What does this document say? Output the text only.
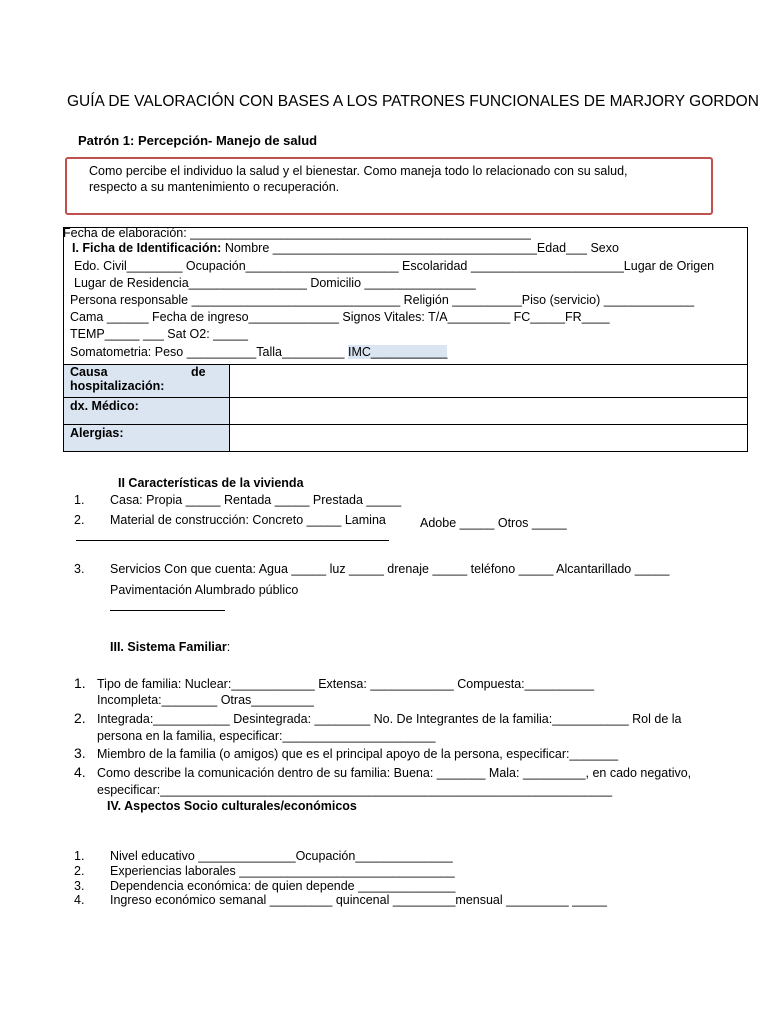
GUÍA DE VALORACIÓN CON BASES A LOS PATRONES FUNCIONALES DE MARJORY GORDON
Patrón 1: Percepción- Manejo de salud
Como percibe el individuo la salud y el bienestar. Como maneja todo lo relacionado con su salud,
respecto a su mantenimiento o recuperación.
Fecha de elaboración: _________________________________________________
I. Ficha de Identificación: Nombre ______________________________________Edad___ Sexo
Edo. Civil________ Ocupación______________________ Escolaridad ______________________Lugar de Origen
Lugar de Residencia_________________ Domicilio ________________
Persona responsable ______________________________ Religión __________Piso (servicio) _____________
Cama ______ Fecha de ingreso_____________ Signos Vitales: T/A_________ FC_____FR____
TEMP_____ ___ Sat O2: _____
Somatometria: Peso __________Talla_________ IMC___________
Causa	de
hospitalización:
dx. Médico:
Alergias:
II Características de la vivienda
1. Casa: Propia _____ Rentada _____ Prestada _____
2. Material de construcción: Concreto _____ Lamina	Adobe _____ Otros _____
3. Servicios Con que cuenta: Agua _____ luz _____ drenaje _____ teléfono _____ Alcantarillado _____
Pavimentación Alumbrado público
III. Sistema Familiar:
1. Tipo de familia: Nuclear:____________ Extensa: ____________ Compuesta:__________
Incompleta:________ Otras_________
2. Integrada:___________ Desintegrada: ________ No. De Integrantes de la familia:___________ Rol de la
persona en la familia, especificar:______________________
3. Miembro de la familia (o amigos) que es el principal apoyo de la persona, especificar:_______
4. Como describe la comunicación dentro de su familia: Buena: _______ Mala: _________, en cado negativo,
especificar:_________________________________________________________________
IV. Aspectos Socio culturales/económicos
1. Nivel educativo ______________Ocupación______________
2. Experiencias laborales _______________________________
3. Dependencia económica: de quien depende ______________
4. Ingreso económico semanal _________ quincenal _________mensual _________ _____
